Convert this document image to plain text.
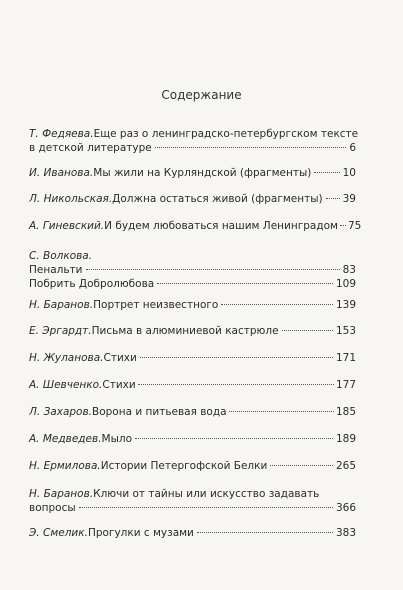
Содержание
Т. Федяева. Еще раз о ленинградско-петербургском тексте
в детской литературе	6
И. Иванова. Мы жили на Курляндской (фрагменты)	10
Л. Никольская. Должна остаться живой (фрагменты) 39
А. Гиневский. И будем любоваться нашим Ленинградом 75
С. Волкова.
Пенальти	83
Побрить Добролюбова	109
Н. Баранов. Портрет неизвестного	139
Е. Эргардт. Письма в алюминиевой кастрюле	153
Н. Жуланова. Стихи	171
А. Шевченко. Стихи	177
Л. Захаров. Ворона и питьевая вода	185
А. Медведев. Мыло	189
Н. Ермилова. Истории Петергофской Белки	265
Н. Баранов. Ключи от тайны или искусство задавать
вопросы	366
Э. Смелик. Прогулки с музами	383
